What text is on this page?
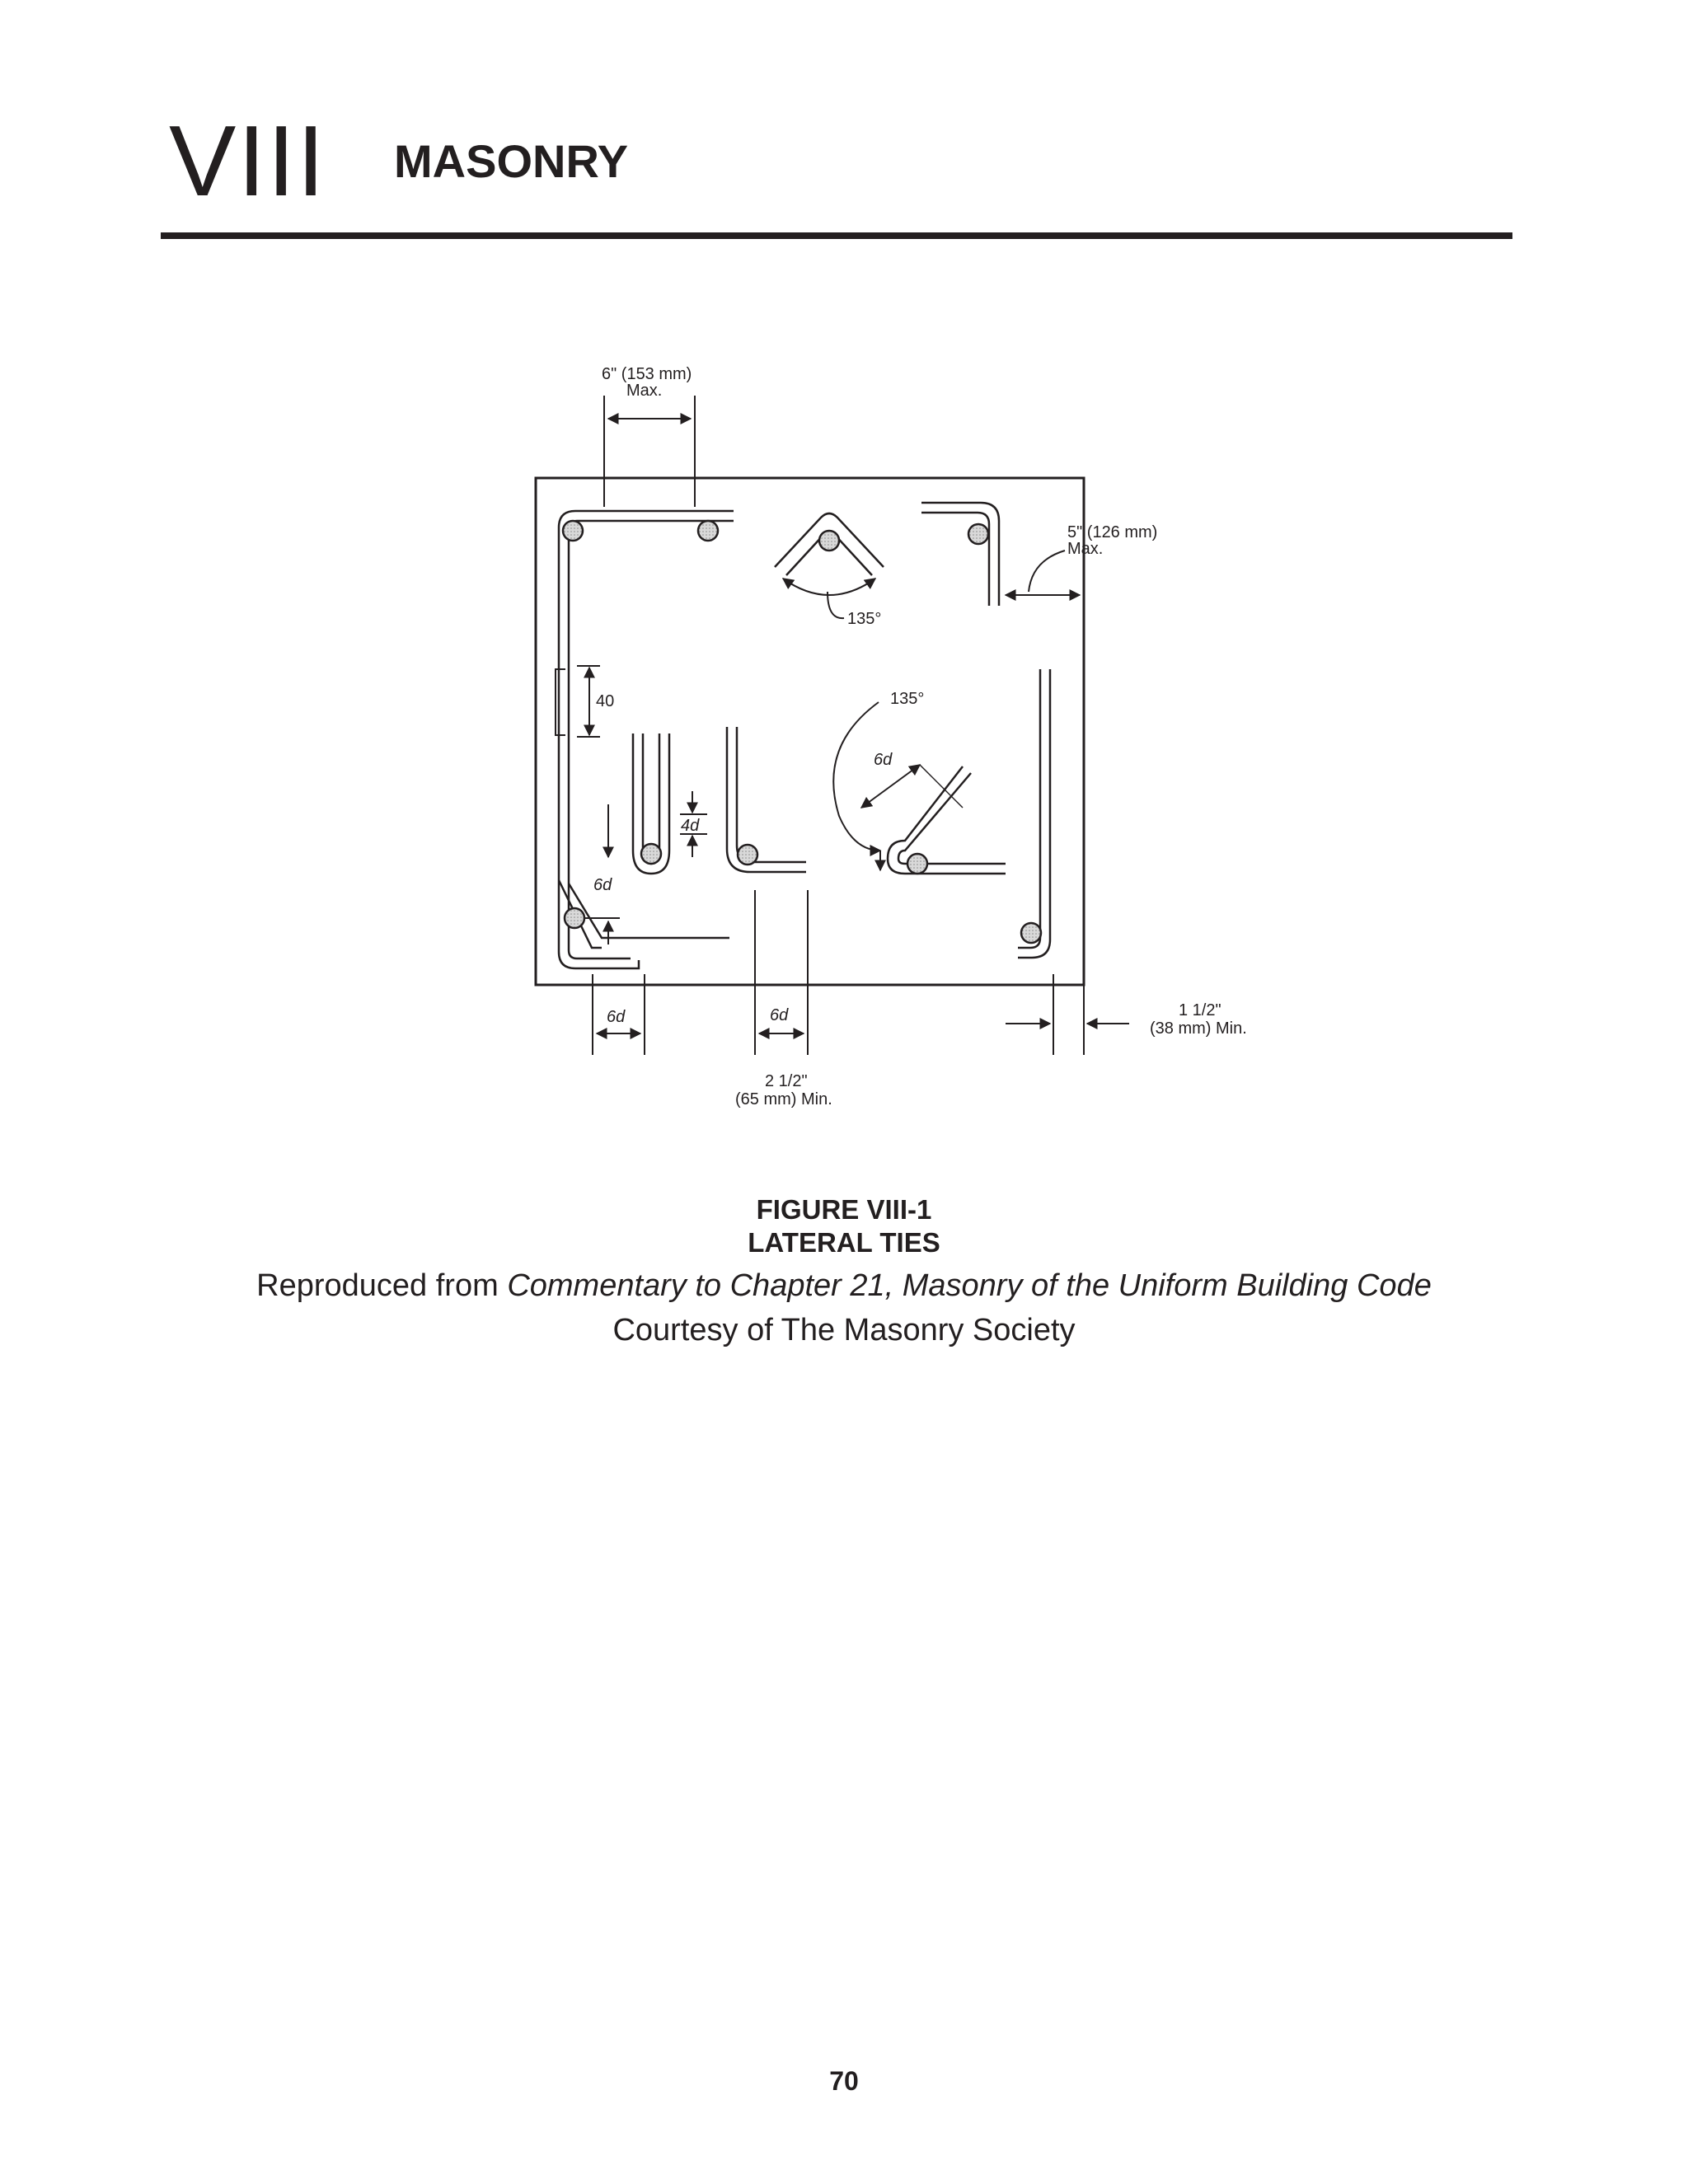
VIII MASONRY
6" (153 mm)
Max.
5" (126 mm)
Max.
135°
135°
6d
40
4d
6d
6d	6d
2 1/2"
(65 mm) Min.
1 1/2"
(38 mm) Min.
FIGURE VIII-1
LATERAL TIES
Reproduced from Commentary to Chapter 21, Masonry of the Uniform Building Code
Courtesy of The Masonry Society
70
